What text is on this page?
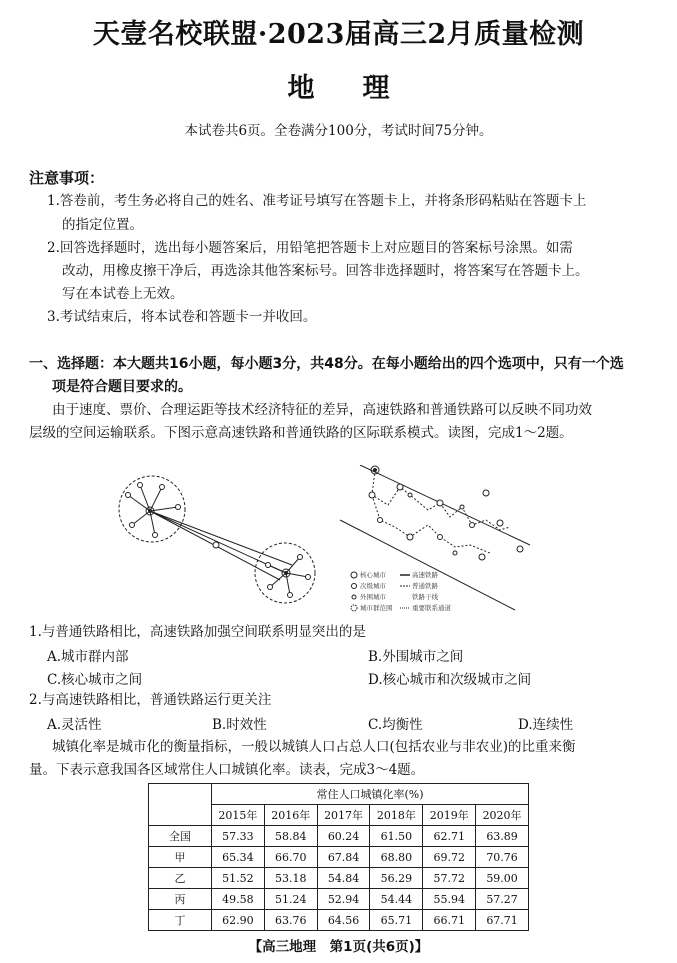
天壹名校联盟·2023届高三2月质量检测
地理
本试卷共6页。全卷满分100分，考试时间75分钟。
注意事项：
1.答卷前，考生务必将自己的姓名、准考证号填写在答题卡上，并将条形码粘贴在答题卡上
的指定位置。
2.回答选择题时，选出每小题答案后，用铅笔把答题卡上对应题目的答案标号涂黑。如需
改动，用橡皮擦干净后，再选涂其他答案标号。回答非选择题时，将答案写在答题卡上。
写在本试卷上无效。
3.考试结束后，将本试卷和答题卡一并收回。
一、选择题：本大题共16小题，每小题3分，共48分。在每小题给出的四个选项中，只有一个选
项是符合题目要求的。
由于速度、票价、合理运距等技术经济特征的差异，高速铁路和普通铁路可以反映不同功效
层级的空间运输联系。下图示意高速铁路和普通铁路的区际联系模式。读图，完成1～2题。
核心城市	高速铁路
次级城市	普通铁路
外围城市	铁路干线
城市群范围	重要联系通道
1.与普通铁路相比，高速铁路加强空间联系明显突出的是
A.城市群内部	B.外围城市之间
C.核心城市之间	D.核心城市和次级城市之间
2.与高速铁路相比，普通铁路运行更关注
A.灵活性	B.时效性	C.均衡性	D.连续性
城镇化率是城市化的衡量指标，一般以城镇人口占总人口(包括农业与非农业)的比重来衡
量。下表示意我国各区域常住人口城镇化率。读表，完成3～4题。
	常住人口城镇化率(%)					
	2015年	2016年	2017年	2018年	2019年	2020年
全国	57.33	58.84	60.24	61.50	62.71	63.89
甲	65.34	66.70	67.84	68.80	69.72	70.76
乙	51.52	53.18	54.84	56.29	57.72	59.00
丙	49.58	51.24	52.94	54.44	55.94	57.27
丁	62.90	63.76	64.56	65.71	66.71	67.71
【高三地理　第1页(共6页)】
